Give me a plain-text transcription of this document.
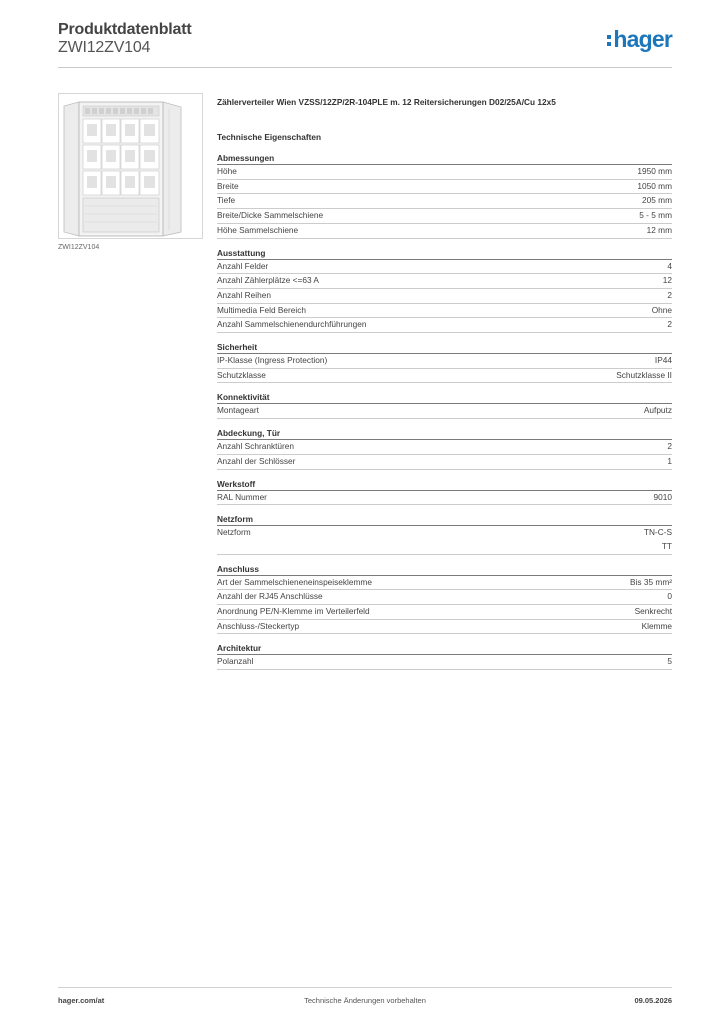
Produktdatenblatt
ZWI12ZV104	hager
ZWI12ZV104
Zählerverteiler Wien VZSS/12ZP/2R-104PLE m. 12 Reitersicherungen D02/25A/Cu 12x5
Technische Eigenschaften
Abmessungen
Höhe	1950 mm
Breite	1050 mm
Tiefe	205 mm
Breite/Dicke Sammelschiene	5 - 5 mm
Höhe Sammelschiene	12 mm
Ausstattung
Anzahl Felder	4
Anzahl Zählerplätze <=63 A	12
Anzahl Reihen	2
Multimedia Feld Bereich	Ohne
Anzahl Sammelschienendurchführungen	2
Sicherheit
IP-Klasse (Ingress Protection)	IP44
Schutzklasse	Schutzklasse II
Konnektivität
Montageart	Aufputz
Abdeckung, Tür
Anzahl Schranktüren	2
Anzahl der Schlösser	1
Werkstoff
RAL Nummer	9010
Netzform
Netzform	TN-C-S
TT
Anschluss
Art der Sammelschieneneinspeiseklemme	Bis 35 mm²
Anzahl der RJ45 Anschlüsse	0
Anordnung PE/N-Klemme im Verteilerfeld	Senkrecht
Anschluss-/Steckertyp	Klemme
Architektur
Polanzahl	5
hager.com/at	Technische Änderungen vorbehalten	09.05.2026
